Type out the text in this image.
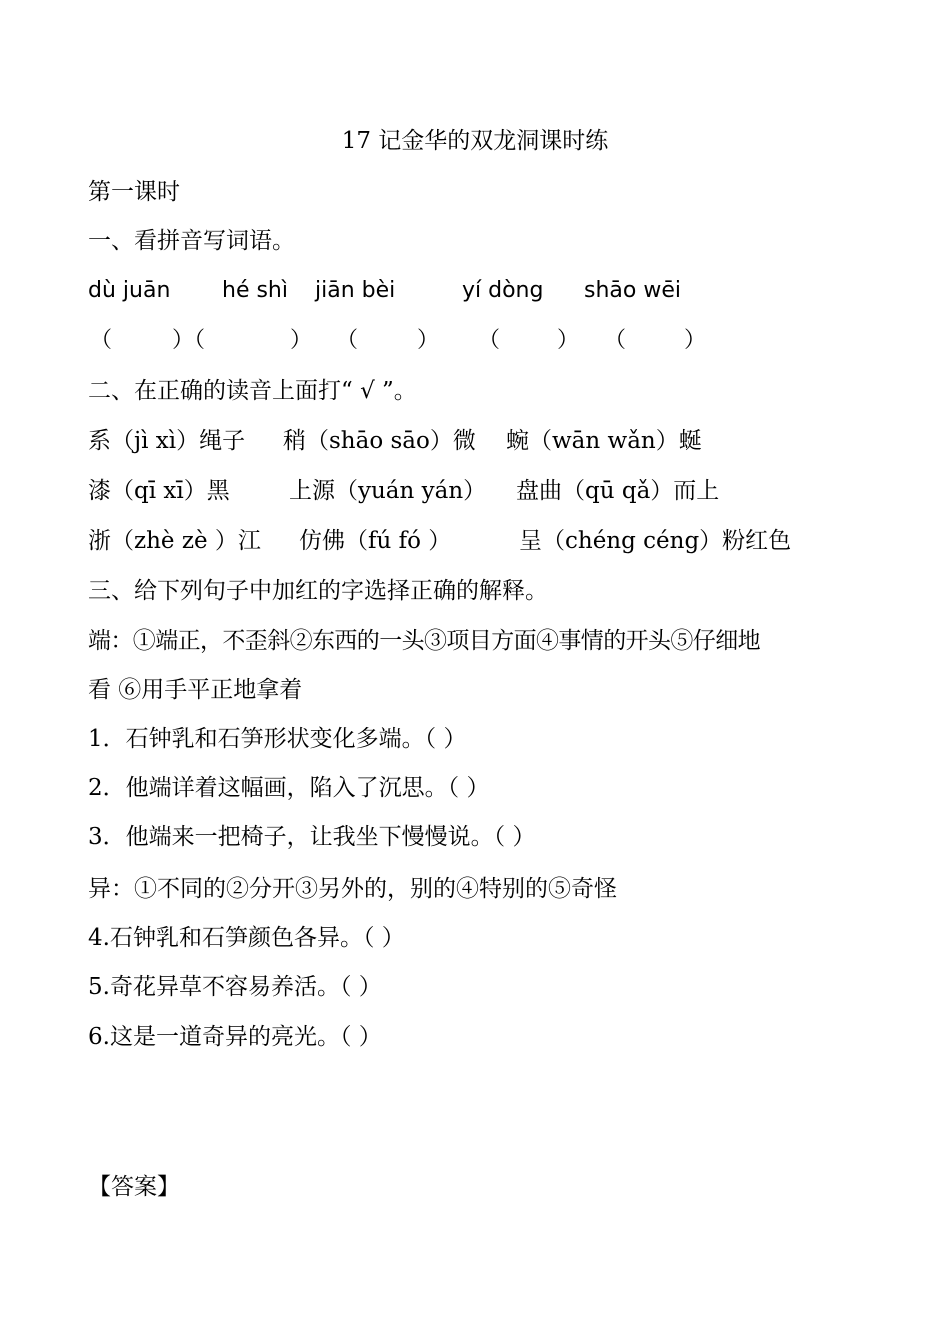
17 记金华的双龙洞课时练
第一课时
一、看拼音写词语。
dù juān hé shì jiān bèi	yí dòng shāo wēi
（	）（	） （	） （	） （	）
二、在正确的读音上面打“ √ ”。
系（jì xì）绳子 稍（shāo sāo）微 蜿（wān wǎn）蜒
漆（qī xī）黑	上源（yuán yán） 盘曲（qū qǎ）而上
浙（zhè zè ）江 仿佛（fú fó ）	呈（chéng céng）粉红色
三、给下列句子中加红的字选择正确的解释。
端：①端正，不歪斜②东西的一头③项目方面④事情的开头⑤仔细地
看 ⑥用手平正地拿着
1．石钟乳和石笋形状变化多端。（ ）
2．他端详着这幅画，陷入了沉思。（ ）
3．他端来一把椅子，让我坐下慢慢说。（ ）
异：①不同的②分开③另外的，别的④特别的⑤奇怪
4.石钟乳和石笋颜色各异。（ ）
5.奇花异草不容易养活。（ ）
6.这是一道奇异的亮光。（ ）
【答案】
